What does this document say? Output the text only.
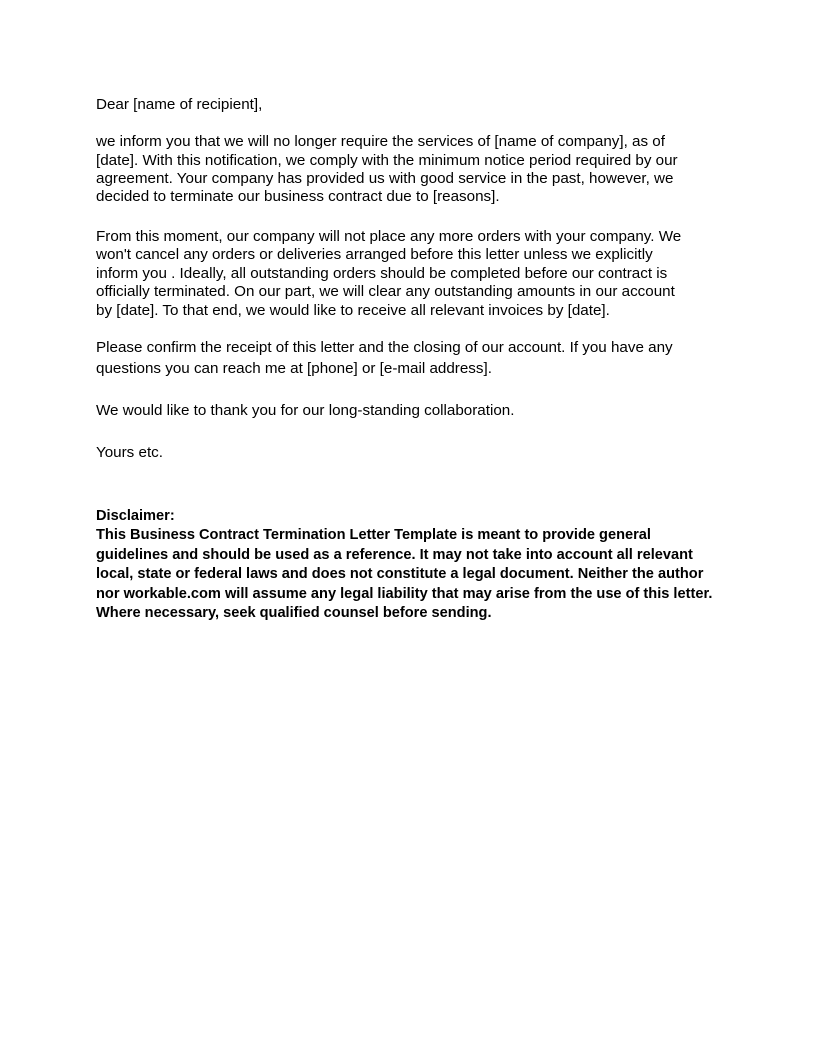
Dear [name of recipient],

we inform you that we will no longer require the services of [name of company], as of

[date]. With this notification, we comply with the minimum notice period required by our

agreement. Your company has provided us with good service in the past, however, we

decided to terminate our business contract due to [reasons].

From this moment, our company will not place any more orders with your company. We

won't cancel any orders or deliveries arranged before this letter unless we explicitly

inform you . Ideally, all outstanding orders should be completed before our contract is

officially terminated. On our part, we will clear any outstanding amounts in our account

by [date]. To that end, we would like to receive all relevant invoices by [date].

Please confirm the receipt of this letter and the closing of our account. If you have any

questions you can reach me at [phone] or [e-mail address].

We would like to thank you for our long-standing collaboration.

Yours etc.

Disclaimer:

This Business Contract Termination Letter Template is meant to provide general

guidelines and should be used as a reference. It may not take into account all relevant

local, state or federal laws and does not constitute a legal document. Neither the author

nor workable.com will assume any legal liability that may arise from the use of this letter.

Where necessary, seek qualified counsel before sending.
